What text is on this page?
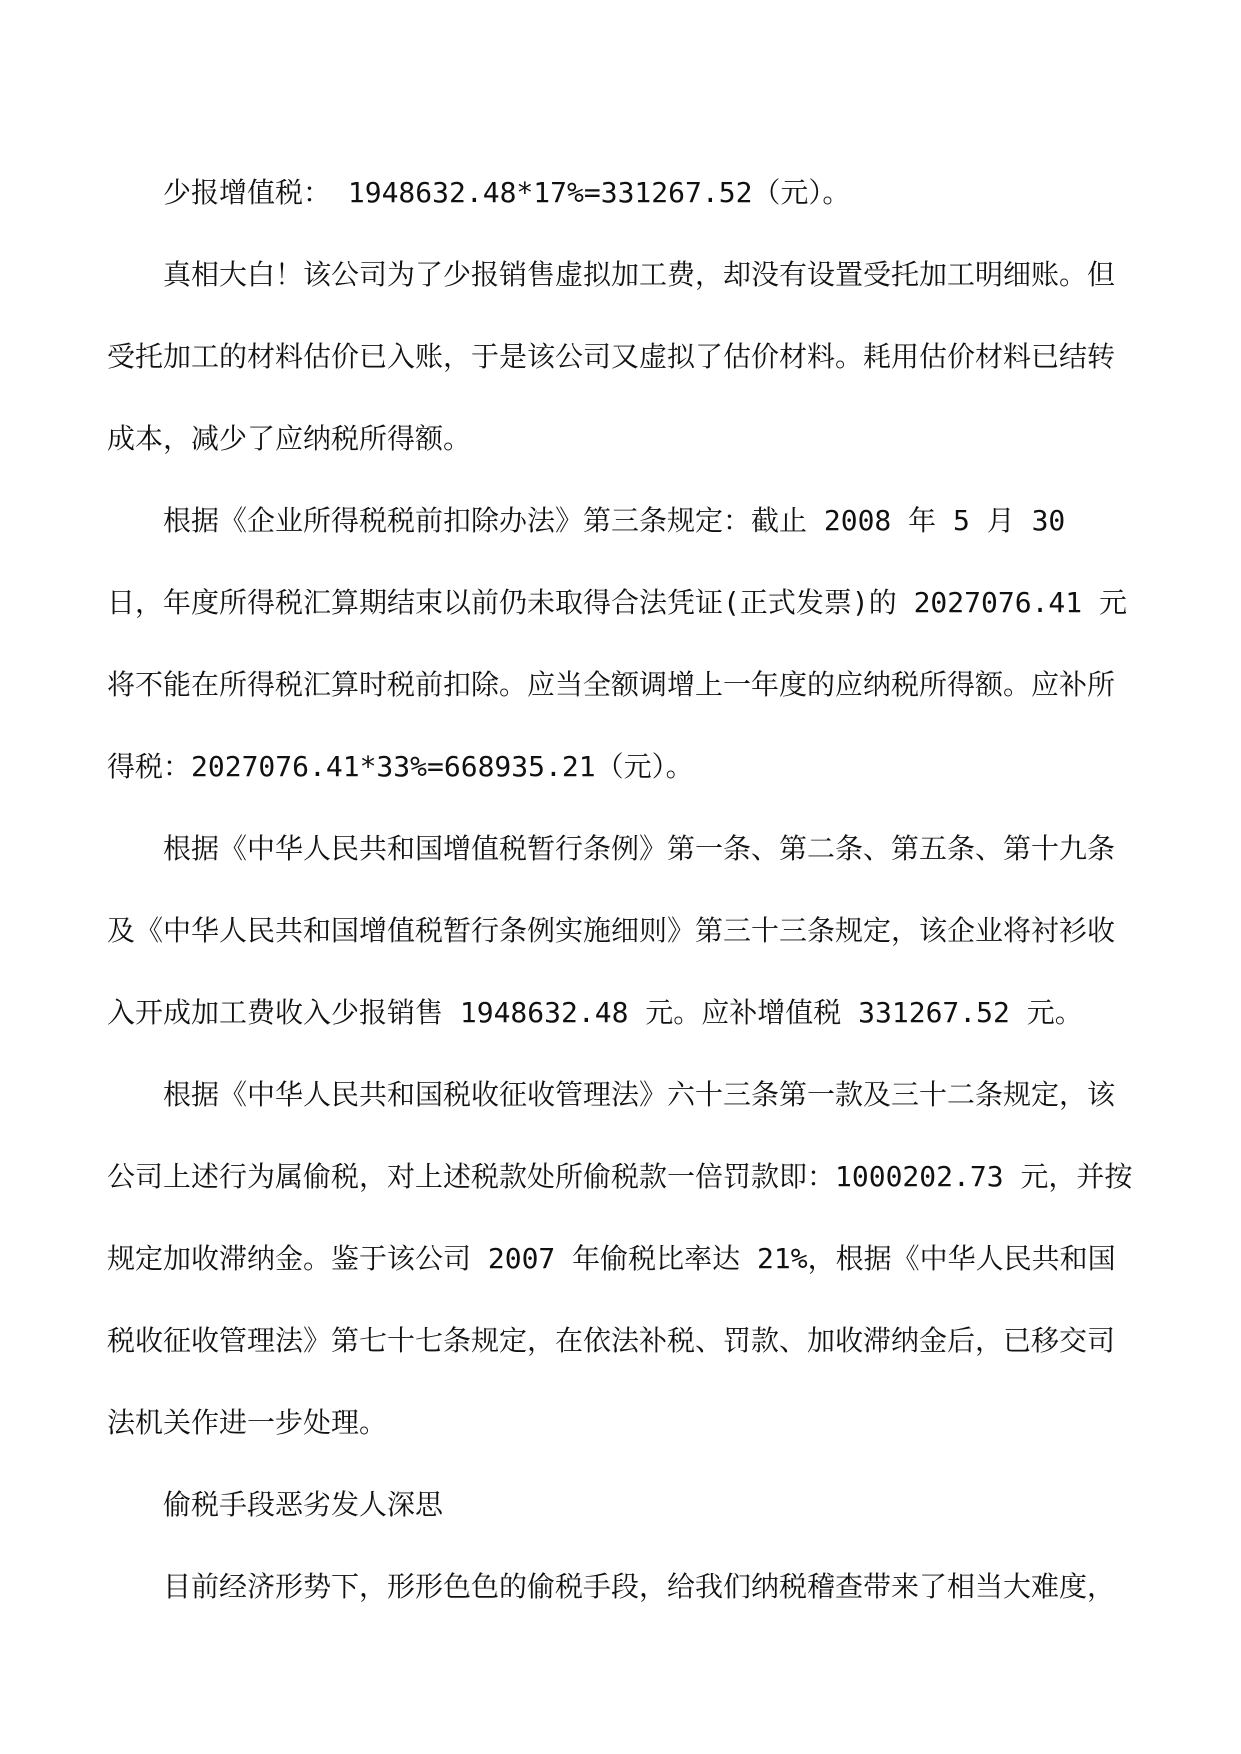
少报增值税： 1948632.48*17%=331267.52（元）。

真相大白！该公司为了少报销售虚拟加工费，却没有设置受托加工明细账。但受托加工的材料估价已入账，于是该公司又虚拟了估价材料。耗用估价材料已结转成本，减少了应纳税所得额。

根据《企业所得税税前扣除办法》第三条规定：截止 2008 年 5 月 30 日，年度所得税汇算期结束以前仍未取得合法凭证(正式发票)的 2027076.41 元将不能在所得税汇算时税前扣除。应当全额调增上一年度的应纳税所得额。应补所得税：2027076.41*33%=668935.21（元）。

根据《中华人民共和国增值税暂行条例》第一条、第二条、第五条、第十九条及《中华人民共和国增值税暂行条例实施细则》第三十三条规定，该企业将衬衫收入开成加工费收入少报销售 1948632.48 元。应补增值税 331267.52 元。

根据《中华人民共和国税收征收管理法》六十三条第一款及三十二条规定，该公司上述行为属偷税，对上述税款处所偷税款一倍罚款即：1000202.73 元，并按规定加收滞纳金。鉴于该公司 2007 年偷税比率达 21%，根据《中华人民共和国税收征收管理法》第七十七条规定，在依法补税、罚款、加收滞纳金后，已移交司法机关作进一步处理。

偷税手段恶劣发人深思

目前经济形势下，形形色色的偷税手段，给我们纳税稽查带来了相当大难度，
